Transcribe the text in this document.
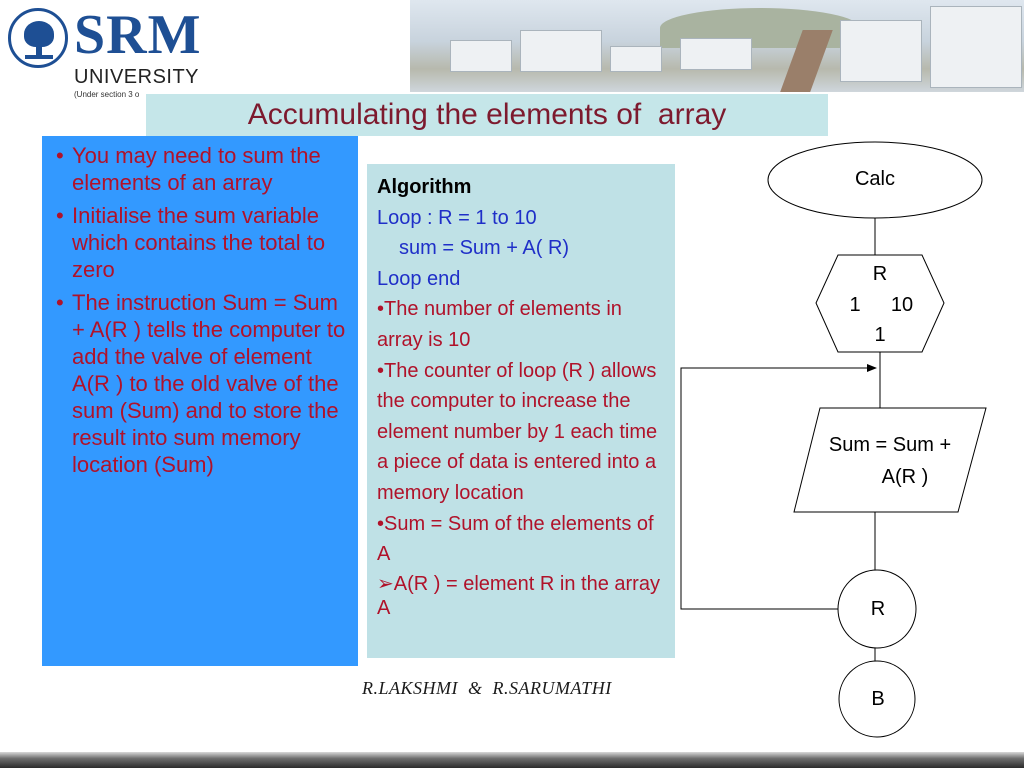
SRM

UNIVERSITY

(Under section 3 o

Accumulating the elements of  array
• You may need to sum the elements of an array
• Initialise the sum variable which contains the total to zero
• The instruction Sum = Sum + A(R ) tells the computer to add the valve of element A(R ) to the old valve of the sum (Sum) and to store the result into sum memory location (Sum)

Algorithm

Loop : R = 1 to 10

sum = Sum + A( R)

Loop end

•The number of elements in array is 10

•The counter of loop (R ) allows the computer to increase the element number by 1 each time a piece of data is entered into a memory location

•Sum = Sum of the elements of A

➢A(R ) = element R in the array A

Calc
R
1	10
1
Sum = Sum +
A(R )
R
B

R.LAKSHMI  &  R.SARUMATHI
